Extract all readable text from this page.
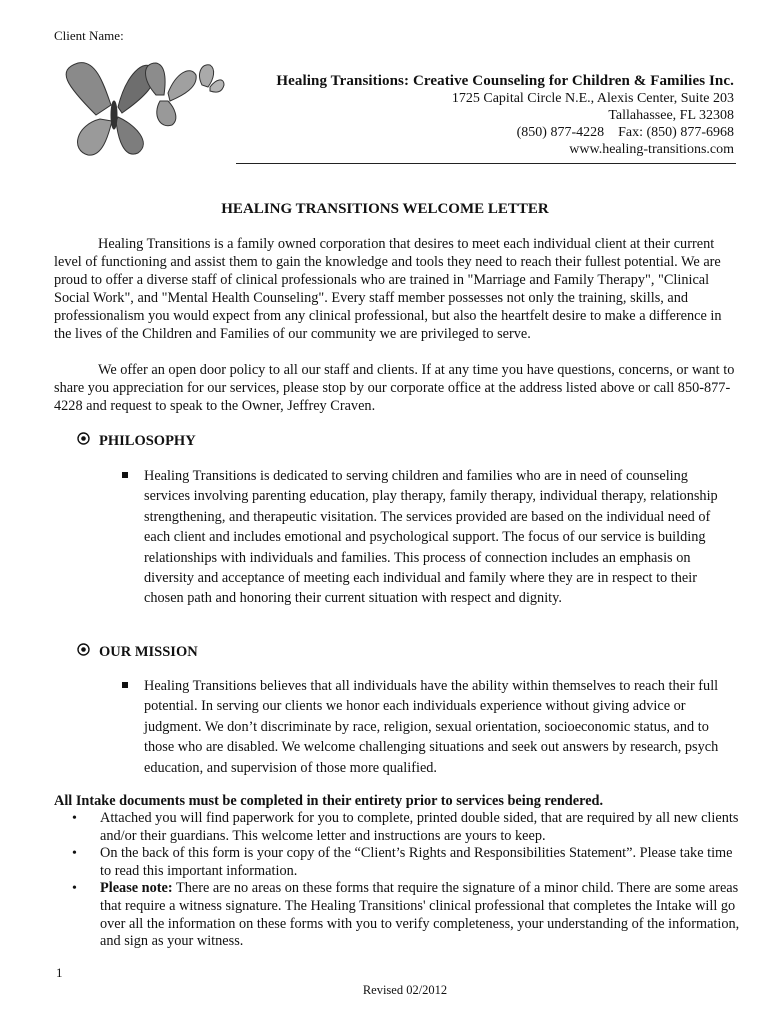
Client Name:
Healing Transitions: Creative Counseling for Children & Families Inc.
1725 Capital Circle N.E., Alexis Center, Suite 203
Tallahassee, FL 32308
(850) 877-4228    Fax: (850) 877-6968
www.healing-transitions.com
HEALING TRANSITIONS WELCOME LETTER
Healing Transitions is a family owned corporation that desires to meet each individual client at their current level of functioning and assist them to gain the knowledge and tools they need to reach their fullest potential. We are proud to offer a diverse staff of clinical professionals who are trained in "Marriage and Family Therapy", "Clinical Social Work", and "Mental Health Counseling". Every staff member possesses not only the training, skills, and professionalism you would expect from any clinical professional, but also the heartfelt desire to make a difference in the lives of the Children and Families of our community we are privileged to serve.
We offer an open door policy to all our staff and clients. If at any time you have questions, concerns, or want to share you appreciation for our services, please stop by our corporate office at the address listed above or call 850-877-4228 and request to speak to the Owner, Jeffrey Craven.
PHILOSOPHY
Healing Transitions is dedicated to serving children and families who are in need of counseling services involving parenting education, play therapy, family therapy, individual therapy, relationship strengthening, and therapeutic visitation. The services provided are based on the individual need of each client and includes emotional and psychological support. The focus of our service is building relationships with individuals and families. This process of connection includes an emphasis on diversity and acceptance of meeting each individual and family where they are in respect to their chosen path and honoring their current situation with respect and dignity.
OUR MISSION
Healing Transitions believes that all individuals have the ability within themselves to reach their full potential. In serving our clients we honor each individuals experience without giving advice or judgment. We don’t discriminate by race, religion, sexual orientation, socioeconomic status, and to those who are disabled. We welcome challenging situations and seek out answers by research, psych education, and supervision of those more qualified.
All Intake documents must be completed in their entirety prior to services being rendered.
•	Attached you will find paperwork for you to complete, printed double sided, that are required by all new clients and/or their guardians. This welcome letter and instructions are yours to keep.
•	On the back of this form is your copy of the “Client’s Rights and Responsibilities Statement”. Please take time to read this important information.
•	Please note: There are no areas on these forms that require the signature of a minor child. There are some areas that require a witness signature. The Healing Transitions' clinical professional that completes the Intake will go over all the information on these forms with you to verify completeness, your understanding of the information, and sign as your witness.
1
Revised 02/2012
